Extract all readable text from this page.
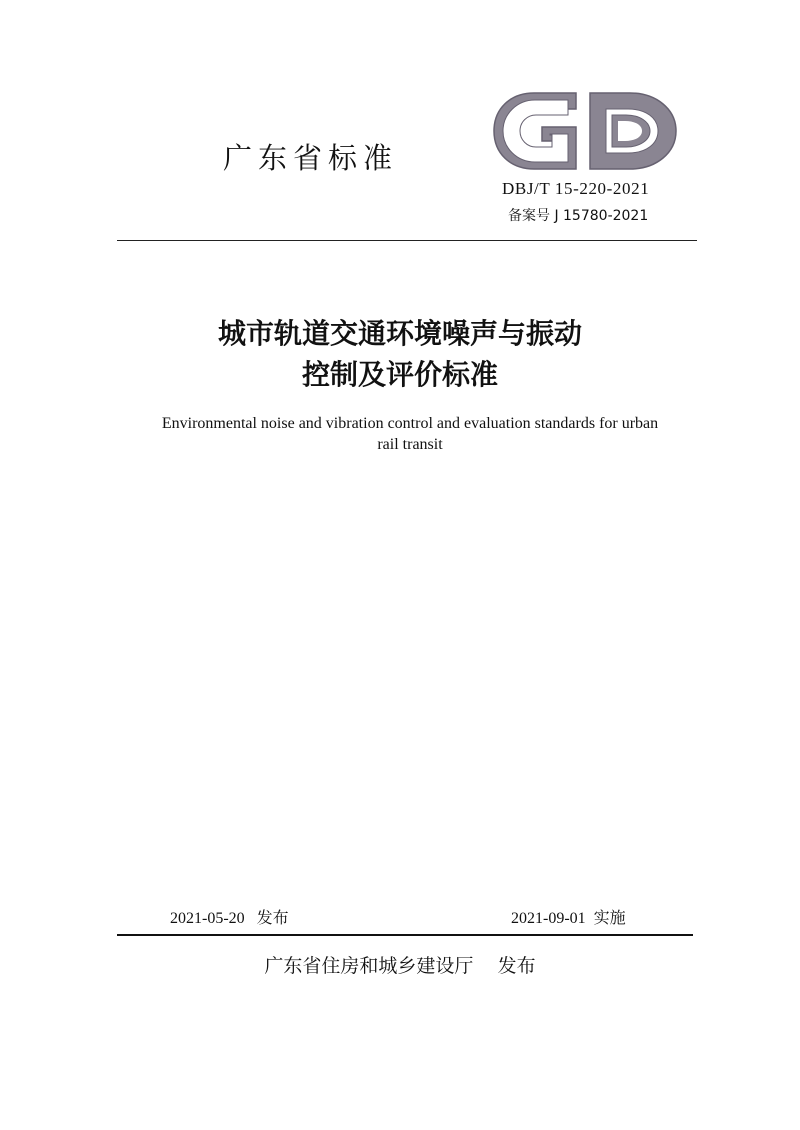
广东省标准
DBJ/T 15-220-2021
备案号 J 15780-2021
城市轨道交通环境噪声与振动
控制及评价标准
Environmental noise and vibration control and evaluation standards for urban
rail transit
2021-05-20 发布	2021-09-01 实施
广东省住房和城乡建设厅 发布
